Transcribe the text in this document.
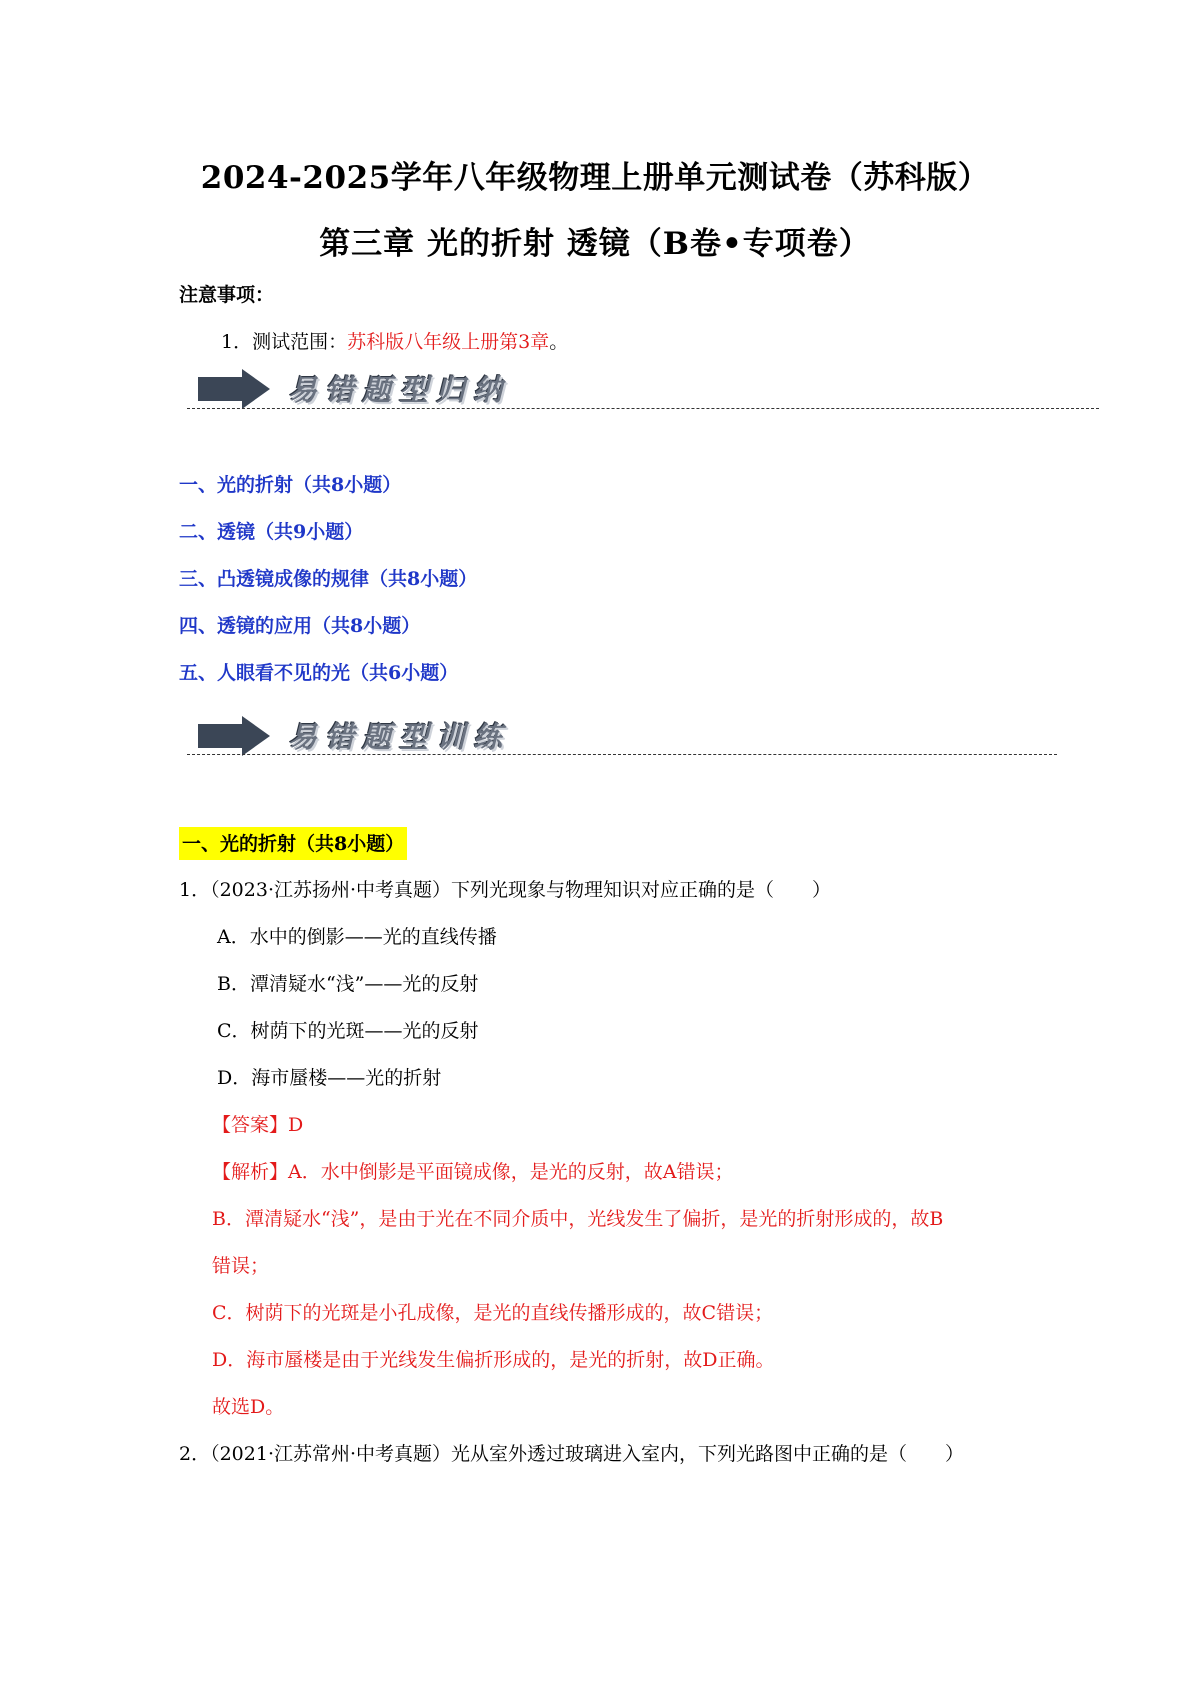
2024-2025学年八年级物理上册单元测试卷（苏科版）
第三章 光的折射 透镜（B卷•专项卷）
注意事项：
1．测试范围：苏科版八年级上册第3章。
易错题型归纳
一、光的折射（共8小题）
二、透镜（共9小题）
三、凸透镜成像的规律（共8小题）
四、透镜的应用（共8小题）
五、人眼看不见的光（共6小题）
易错题型训练
一、光的折射（共8小题）
1．（2023·江苏扬州·中考真题）下列光现象与物理知识对应正确的是（　　）
A．水中的倒影——光的直线传播
B．潭清疑水“浅”——光的反射
C．树荫下的光斑——光的反射
D．海市蜃楼——光的折射
【答案】D
【解析】A．水中倒影是平面镜成像，是光的反射，故A错误；
B．潭清疑水“浅”，是由于光在不同介质中，光线发生了偏折，是光的折射形成的，故B
错误；
C．树荫下的光斑是小孔成像，是光的直线传播形成的，故C错误；
D．海市蜃楼是由于光线发生偏折形成的，是光的折射，故D正确。
故选D。
2．（2021·江苏常州·中考真题）光从室外透过玻璃进入室内，下列光路图中正确的是（　　）
